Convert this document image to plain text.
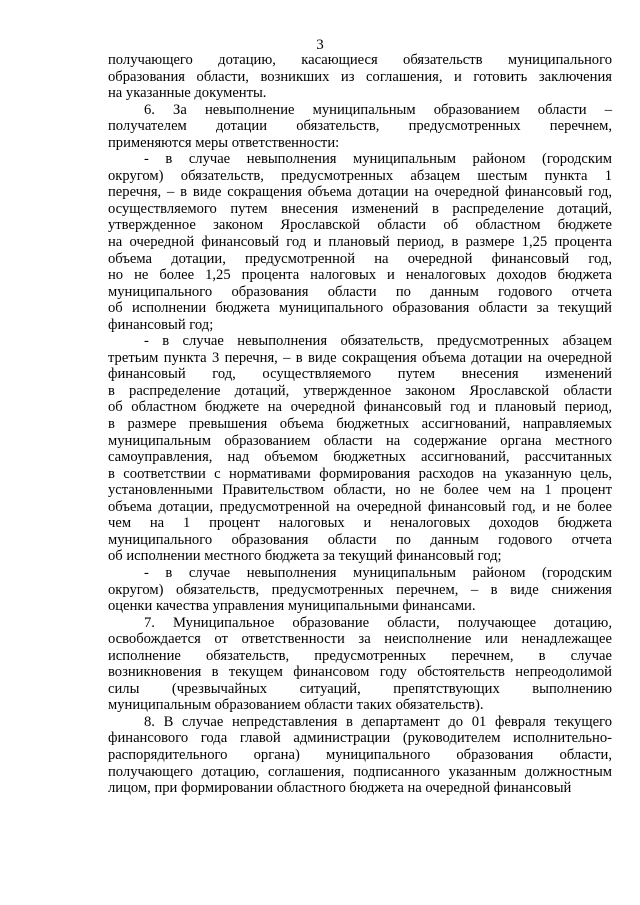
3
получающего дотацию, касающиеся обязательств муниципального
образования области, возникших из соглашения, и готовить заключения
на указанные документы.
6. За невыполнение муниципальным образованием области –
получателем дотации обязательств, предусмотренных перечнем,
применяются меры ответственности:
- в случае невыполнения муниципальным районом (городским
округом) обязательств, предусмотренных абзацем шестым пункта 1
перечня, – в виде сокращения объема дотации на очередной финансовый год,
осуществляемого путем внесения изменений в распределение дотаций,
утвержденное законом Ярославской области об областном бюджете
на очередной финансовый год и плановый период, в размере 1,25 процента
объема дотации, предусмотренной на очередной финансовый год,
но не более 1,25 процента налоговых и неналоговых доходов бюджета
муниципального образования области по данным годового отчета
об исполнении бюджета муниципального образования области за текущий
финансовый год;
- в случае невыполнения обязательств, предусмотренных абзацем
третьим пункта 3 перечня, – в виде сокращения объема дотации на очередной
финансовый год, осуществляемого путем внесения изменений
в распределение дотаций, утвержденное законом Ярославской области
об областном бюджете на очередной финансовый год и плановый период,
в размере превышения объема бюджетных ассигнований, направляемых
муниципальным образованием области на содержание органа местного
самоуправления, над объемом бюджетных ассигнований, рассчитанных
в соответствии с нормативами формирования расходов на указанную цель,
установленными Правительством области, но не более чем на 1 процент
объема дотации, предусмотренной на очередной финансовый год, и не более
чем на 1 процент налоговых и неналоговых доходов бюджета
муниципального образования области по данным годового отчета
об исполнении местного бюджета за текущий финансовый год;
- в случае невыполнения муниципальным районом (городским
округом) обязательств, предусмотренных перечнем, – в виде снижения
оценки качества управления муниципальными финансами.
7. Муниципальное образование области, получающее дотацию,
освобождается от ответственности за неисполнение или ненадлежащее
исполнение обязательств, предусмотренных перечнем, в случае
возникновения в текущем финансовом году обстоятельств непреодолимой
силы (чрезвычайных ситуаций, препятствующих выполнению
муниципальным образованием области таких обязательств).
8. В случае непредставления в департамент до 01 февраля текущего
финансового года главой администрации (руководителем исполнительно-
распорядительного органа) муниципального образования области,
получающего дотацию, соглашения, подписанного указанным должностным
лицом, при формировании областного бюджета на очередной финансовый
